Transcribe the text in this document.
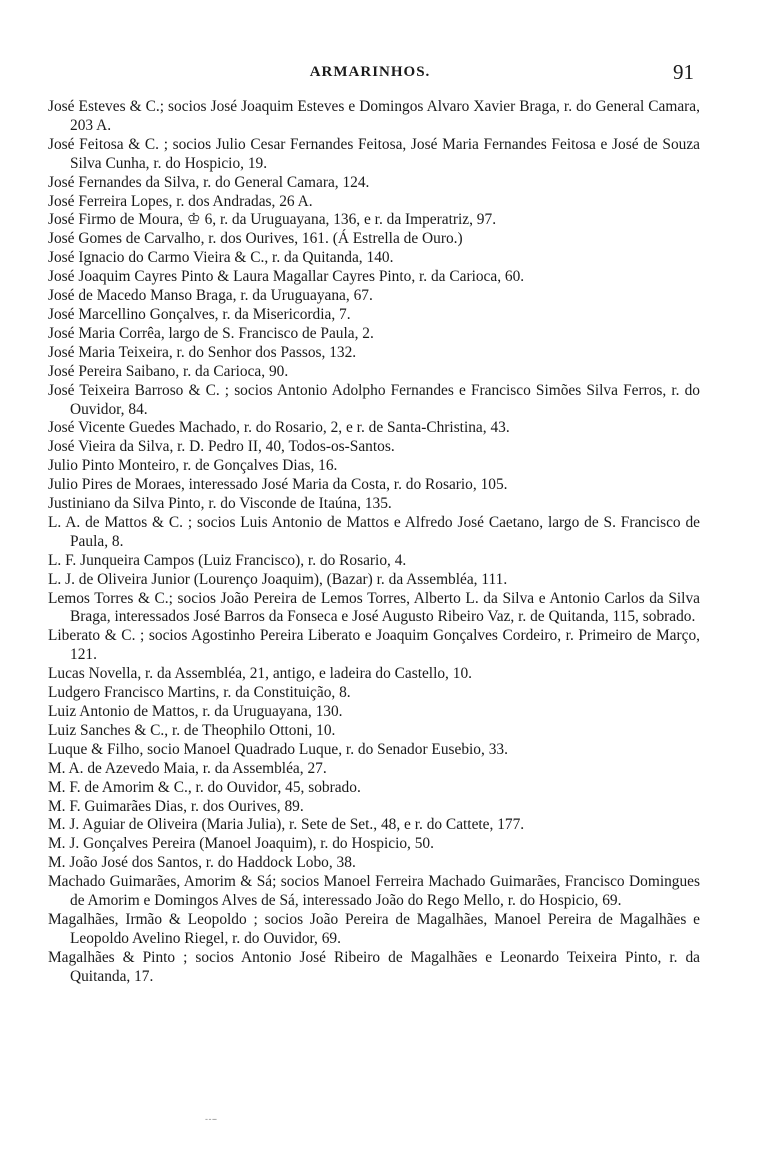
ARMARINHOS.	91

José Esteves & C.; socios José Joaquim Esteves e Domingos Alvaro Xavier Braga, r. do General Camara, 203 A.

José Feitosa & C. ; socios Julio Cesar Fernandes Feitosa, José Maria Fernandes Feitosa e José de Souza Silva Cunha, r. do Hospicio, 19.

José Fernandes da Silva, r. do General Camara, 124.

José Ferreira Lopes, r. dos Andradas, 26 A.

José Firmo de Moura, ♔ 6, r. da Uruguayana, 136, e r. da Imperatriz, 97.

José Gomes de Carvalho, r. dos Ourives, 161. (Á Estrella de Ouro.)

José Ignacio do Carmo Vieira & C., r. da Quitanda, 140.

José Joaquim Cayres Pinto & Laura Magallar Cayres Pinto, r. da Carioca, 60.

José de Macedo Manso Braga, r. da Uruguayana, 67.

José Marcellino Gonçalves, r. da Misericordia, 7.

José Maria Corrêa, largo de S. Francisco de Paula, 2.

José Maria Teixeira, r. do Senhor dos Passos, 132.

José Pereira Saibano, r. da Carioca, 90.

José Teixeira Barroso & C. ; socios Antonio Adolpho Fernandes e Francisco Simões Silva Ferros, r. do Ouvidor, 84.

José Vicente Guedes Machado, r. do Rosario, 2, e r. de Santa-Christina, 43.

José Vieira da Silva, r. D. Pedro II, 40, Todos-os-Santos.

Julio Pinto Monteiro, r. de Gonçalves Dias, 16.

Julio Pires de Moraes, interessado José Maria da Costa, r. do Rosario, 105.

Justiniano da Silva Pinto, r. do Visconde de Itaúna, 135.

L. A. de Mattos & C. ; socios Luis Antonio de Mattos e Alfredo José Caetano, largo de S. Francisco de Paula, 8.

L. F. Junqueira Campos (Luiz Francisco), r. do Rosario, 4.

L. J. de Oliveira Junior (Lourenço Joaquim), (Bazar) r. da Assembléa, 111.

Lemos Torres & C.; socios João Pereira de Lemos Torres, Alberto L. da Silva e Antonio Carlos da Silva Braga, interessados José Barros da Fonseca e José Augusto Ribeiro Vaz, r. de Quitanda, 115, sobrado.

Liberato & C. ; socios Agostinho Pereira Liberato e Joaquim Gonçalves Cordeiro, r. Primeiro de Março, 121.

Lucas Novella, r. da Assembléa, 21, antigo, e ladeira do Castello, 10.

Ludgero Francisco Martins, r. da Constituição, 8.

Luiz Antonio de Mattos, r. da Uruguayana, 130.

Luiz Sanches & C., r. de Theophilo Ottoni, 10.

Luque & Filho, socio Manoel Quadrado Luque, r. do Senador Eusebio, 33.

M. A. de Azevedo Maia, r. da Assembléa, 27.

M. F. de Amorim & C., r. do Ouvidor, 45, sobrado.

M. F. Guimarães Dias, r. dos Ourives, 89.

M. J. Aguiar de Oliveira (Maria Julia), r. Sete de Set., 48, e r. do Cattete, 177.

M. J. Gonçalves Pereira (Manoel Joaquim), r. do Hospicio, 50.

M. João José dos Santos, r. do Haddock Lobo, 38.

Machado Guimarães, Amorim & Sá; socios Manoel Ferreira Machado Guimarães, Francisco Domingues de Amorim e Domingos Alves de Sá, interessado João do Rego Mello, r. do Hospicio, 69.

Magalhães, Irmão & Leopoldo ; socios João Pereira de Magalhães, Manoel Pereira de Magalhães e Leopoldo Avelino Riegel, r. do Ouvidor, 69.

Magalhães & Pinto ; socios Antonio José Ribeiro de Magalhães e Leonardo Teixeira Pinto, r. da Quitanda, 17.

- - ‑‑
